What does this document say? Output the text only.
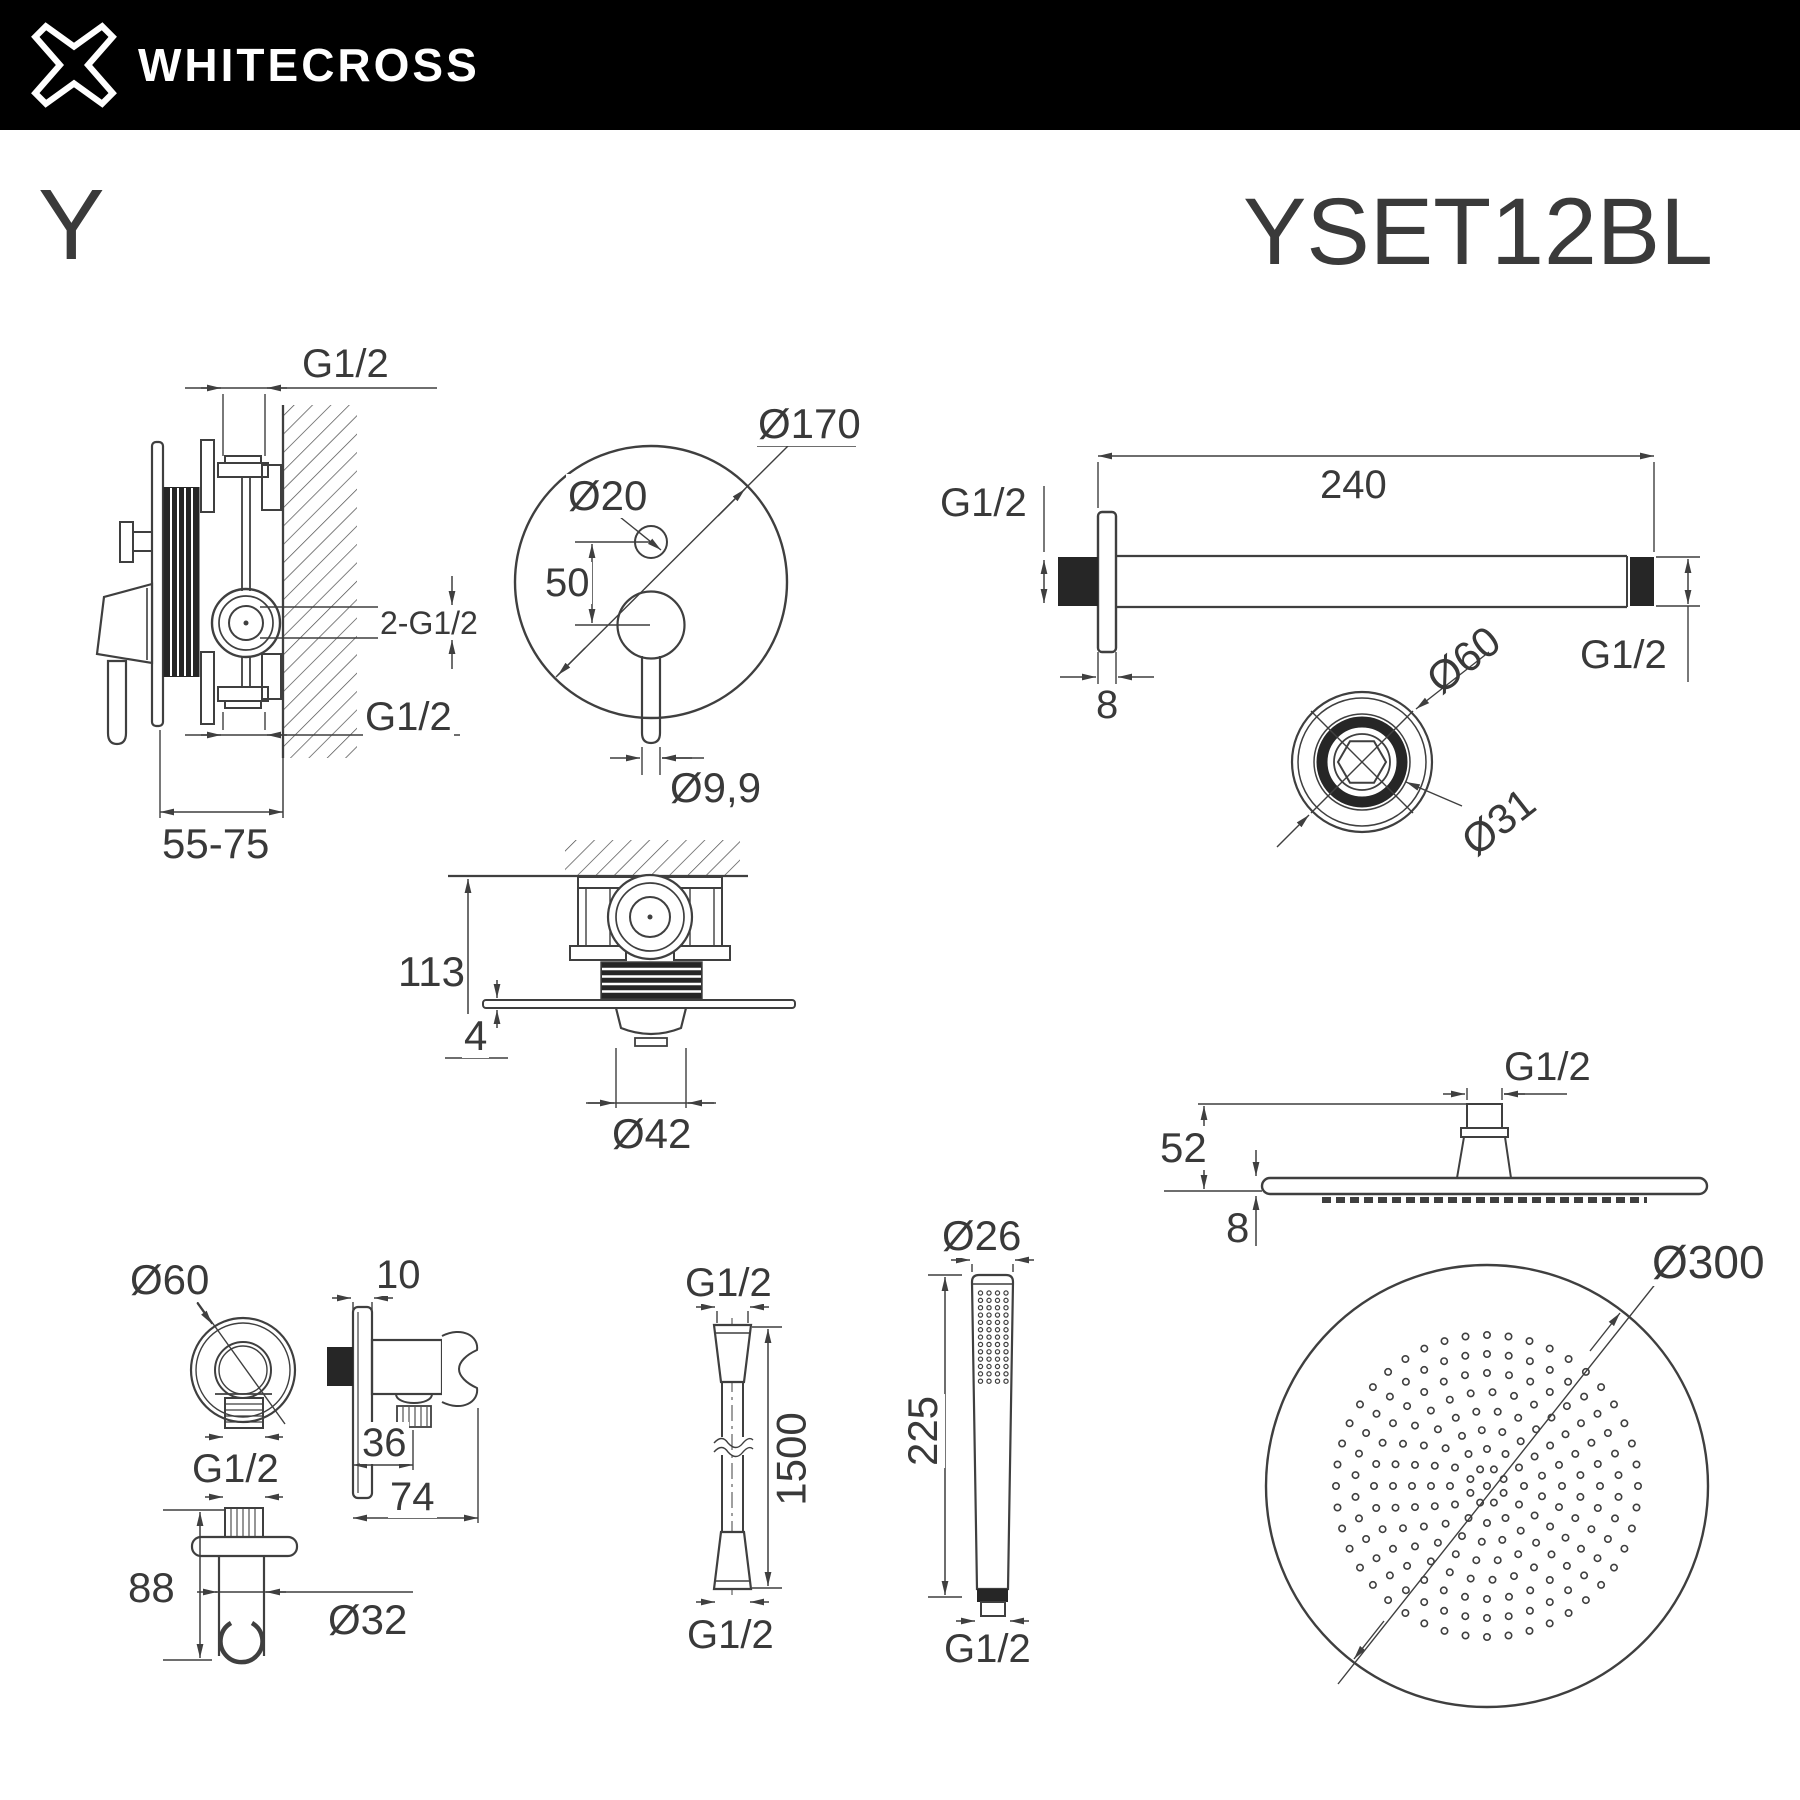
WHITECROSS
Y	YSET12BL
G1/2
2-G1/2
G1/2
55-75
Ø170
Ø20
50
Ø9,9
113
4
Ø42
240
G1/2
8
G1/2
Ø60
Ø31
G1/2
52
8
Ø300
Ø60	10
G1/2
36
74
88
Ø32
G1/2
1500
G1/2
Ø26
225
G1/2
